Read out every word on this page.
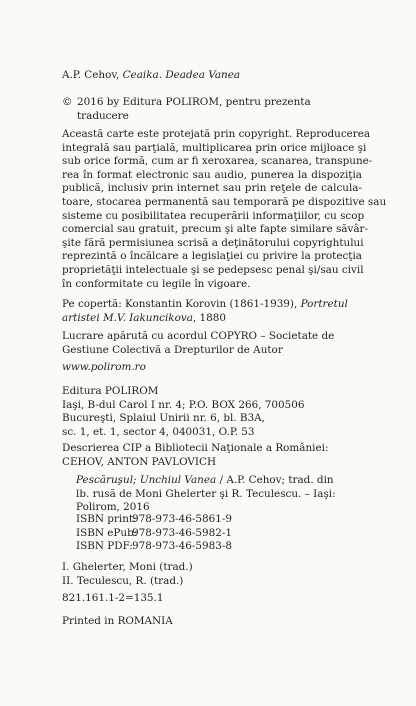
A.P. Cehov, Ceaika. Deadea Vanea
© 2016 by Editura POLIROM, pentru prezenta
traducere
Această carte este protejată prin copyright. Reproducerea
integrală sau parţială, multiplicarea prin orice mijloace şi
sub orice formă, cum ar fi xeroxarea, scanarea, transpune-
rea în format electronic sau audio, punerea la dispoziţia
publică, inclusiv prin internet sau prin reţele de calcula-
toare, stocarea permanentă sau temporară pe dispozitive sau
sisteme cu posibilitatea recuperării informaţiilor, cu scop
comercial sau gratuit, precum şi alte fapte similare săvâr-
şite fără permisiunea scrisă a deţinătorului copyrightului
reprezintă o încălcare a legislaţiei cu privire la protecţia
proprietăţii intelectuale şi se pedepsesc penal şi/sau civil
în conformitate cu legile în vigoare.
Pe copertă: Konstantin Korovin (1861-1939), Portretul
artistei M.V. Iakuncikova, 1880
Lucrare apărută cu acordul COPYRO – Societate de
Gestiune Colectivă a Drepturilor de Autor
www.polirom.ro
Editura POLIROM
Iaşi, B-dul Carol I nr. 4; P.O. BOX 266, 700506
Bucureşti, Splaiul Unirii nr. 6, bl. B3A,
sc. 1, et. 1, sector 4, 040031, O.P. 53
Descrierea CIP a Bibliotecii Naţionale a României:
CEHOV, ANTON PAVLOVICH
Pescăruşul; Unchiul Vanea / A.P. Cehov; trad. din
lb. rusă de Moni Ghelerter şi R. Teculescu. – Iaşi:
Polirom, 2016
ISBN print:978-973-46-5861-9
ISBN ePub:978-973-46-5982-1
ISBN PDF:978-973-46-5983-8
I. Ghelerter, Moni (trad.)
II. Teculescu, R. (trad.)
821.161.1-2=135.1
Printed in ROMANIA
